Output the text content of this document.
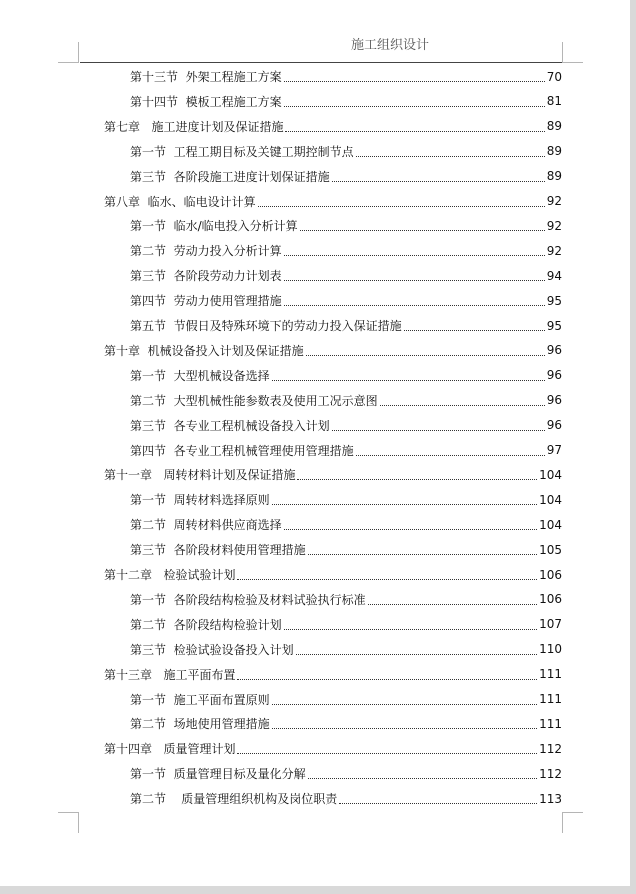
施工组织设计
第十三节  外架工程施工方案	70
第十四节  模板工程施工方案	81
第七章   施工进度计划及保证措施	89
第一节  工程工期目标及关键工期控制节点	89
第三节  各阶段施工进度计划保证措施	89
第八章  临水、临电设计计算	92
第一节  临水/临电投入分析计算	92
第二节  劳动力投入分析计算	92
第三节  各阶段劳动力计划表	94
第四节  劳动力使用管理措施	95
第五节  节假日及特殊环境下的劳动力投入保证措施	95
第十章  机械设备投入计划及保证措施	96
第一节  大型机械设备选择	96
第二节  大型机械性能参数表及使用工况示意图	96
第三节  各专业工程机械设备投入计划	96
第四节  各专业工程机械管理使用管理措施	97
第十一章   周转材料计划及保证措施	104
第一节  周转材料选择原则	104
第二节  周转材料供应商选择	104
第三节  各阶段材料使用管理措施	105
第十二章   检验试验计划	106
第一节  各阶段结构检验及材料试验执行标准	106
第二节  各阶段结构检验计划	107
第三节  检验试验设备投入计划	110
第十三章   施工平面布置	111
第一节  施工平面布置原则	111
第二节  场地使用管理措施	111
第十四章   质量管理计划	112
第一节  质量管理目标及量化分解	112
第二节    质量管理组织机构及岗位职责	113
